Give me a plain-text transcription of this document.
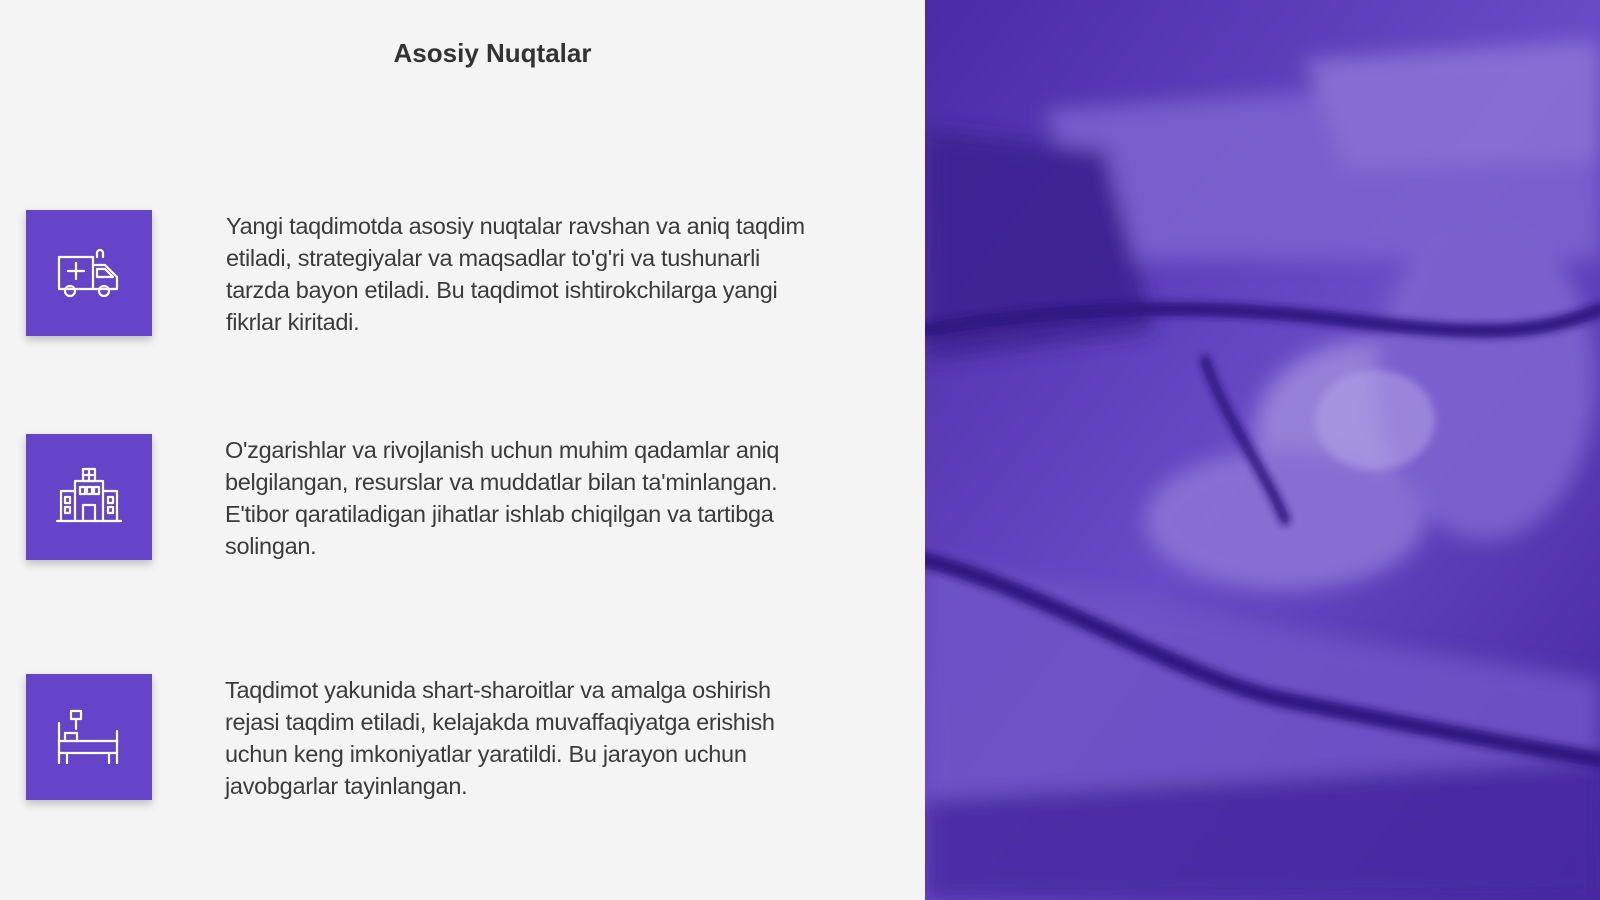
Asosiy Nuqtalar
Yangi taqdimotda asosiy nuqtalar ravshan va aniq taqdim etiladi, strategiyalar va maqsadlar to'g'ri va tushunarli tarzda bayon etiladi. Bu taqdimot ishtirokchilarga yangi fikrlar kiritadi.
O'zgarishlar va rivojlanish uchun muhim qadamlar aniq belgilangan, resurslar va muddatlar bilan ta'minlangan. E'tibor qaratiladigan jihatlar ishlab chiqilgan va tartibga solingan.
Taqdimot yakunida shart-sharoitlar va amalga oshirish rejasi taqdim etiladi, kelajakda muvaffaqiyatga erishish uchun keng imkoniyatlar yaratildi. Bu jarayon uchun javobgarlar tayinlangan.
